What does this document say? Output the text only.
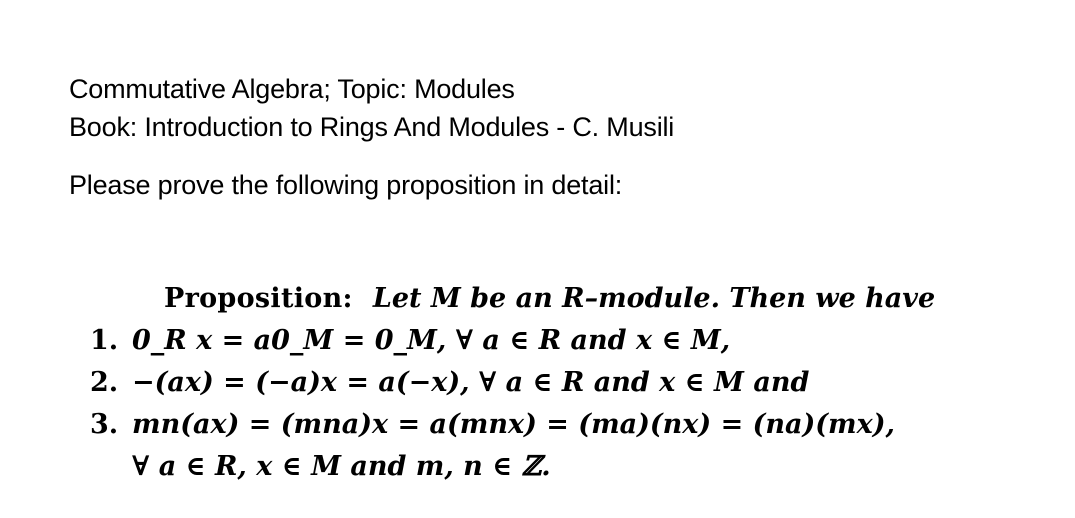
Commutative Algebra; Topic: Modules
Book: Introduction to Rings And Modules - C. Musili
Please prove the following proposition in detail:
Proposition: Let M be an R–module. Then we have
1. 0_R x = a0_M = 0_M, ∀ a ∈ R and x ∈ M,
2. −(ax) = (−a)x = a(−x), ∀ a ∈ R and x ∈ M and
3. mn(ax) = (mna)x = a(mnx) = (ma)(nx) = (na)(mx),
∀ a ∈ R, x ∈ M and m, n ∈ ℤ.
